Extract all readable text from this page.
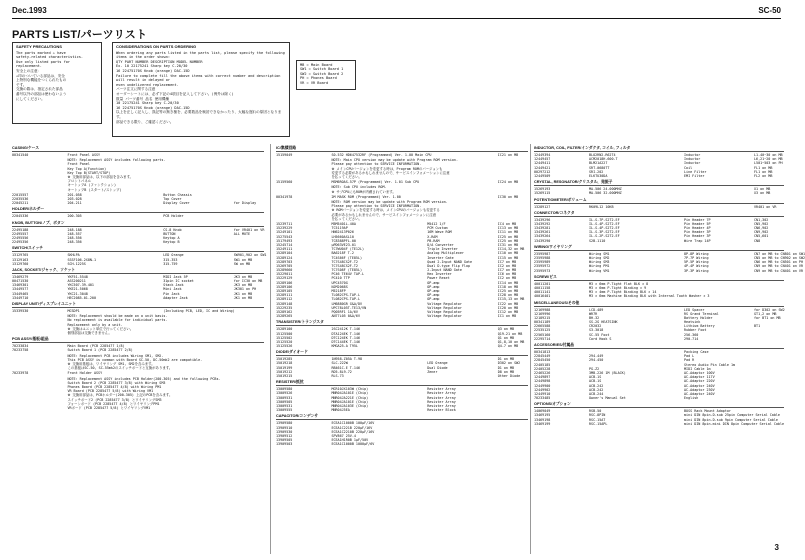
Dec.1993	SC-50
PARTS LIST/パーツリスト
SAFETY PRECAUTIONS
The parts marked ⚠ have
safety-related characteristics.
Use only listed parts for
replacement.
安全上の注意：
⚠印のついている部品は、安全
上特別な機能をつくられたもの
です。
交換の際は、指定された部品
番号以外の部品は使わないよう
にしてください。
CONSIDERATIONS ON PARTS ORDERING
When ordering any parts listed in the parts list, please specify the following items in the order shown:
QTY PART NUMBER DESCRIPTION MODEL NUMBER
Ex. 10 22175241 Sharp key C-20/30
16 22475170S Knob (orange) DAC-15D
Failure to complete fill the above items with correct number and description will result in delayed or
even undelivered replacement.
パーツ注文に関する注意
オーダーシートには、必ず下記の4項目を記入して下さい。(例外は除く)
数量 パーツ番号 品名 使用機種
10 22175241 Sharp key C-20/30
16 22475170S Knob (orange) DAC-15D
以上を正しく記入し、誤記等の無き様を、必要数品を検討できなかったり、大幅な遅れの原因となります。
部品できる限り、ご確認ください。
MB = Main Board
SW1 = Switch Board 1
SW2 = Switch Board 2
PH = Phones Board
VR = VR Board
CASING/ケース
00341540	Front Panel ASSY
NOTE: Replacement ASSY includes following parts.
Front Panel
Key Top A(Function)
Key Top B(START/STOP)
※ 交換用部品は、以下の部品を含みます。
フロントパネル
キートップA (ファンクション)
キートップB (スタート/ストップ)
22015557	201-058	Button Chassis
22035536	203-028	Top Cover
22045211	204-211	Display Cover	for Display
HOLDER/ホルダー
22045336	200-305	PCB Holder
KNOB, BUTTON/ノブ、ボタン
22495188	248-188	CS-8 Knob	for VR401 on VR
22495557	248-557	BUTTON	ALL MUTE
22495556	248-556	Keytop A
22495356	248-356	Keytop B
SWITCH/スイッチ
13129765	SKHLPA	LED Orange	SW901,902 on SW1
13129163	SSSF106-2X8N-1	315-353	SW1 on MB
13129760	SCH-1225S	315-759	SW on MB
JACK, SOCKET/ジャック、ソケット
13469279	YKF51-5548	MIDI Jack 5P	JK3 on MB
00471530	ASS200211	31pin IC socket	for IC30 on MB
13469301	YKC507-39-401	Stack Jack	JK3 on MB
13449577	YKE21-5068	Mini Jack	JK301 on PH
13449465	YKC21-3048	Pin Jack	JK1 on MB
13449710	HEC2085-01-200	Adapter Jack	JK1 on MB
DISPLAY UNIT/ディスプレイユニット
15339530	MCSDP1	(Including PCB, LED, IC and Wiring)
NOTE: Replacement should be made on a unit basis.
No replacement is available for individual parts.
Replacement only by a unit.
※ 交換はユニット単位で行ってください。
個別部品は交換できません。
PCB ASSY/基板/組品
70233834	Main Board (PCB 2285477 1/8)
70233758	Switch Board 1 (PCB 2285477 2/8)
NOTE: Replacement PCB includes Wiring SM1, SM2.
This PCB ASSY is common with Board SC-50, DC-50mk2 are compatible.
※ 交換用基板は、ワイヤリング SM1, SM2を含みます。
この基板はSC-50, SC-55mk2のスイッチボードと互換があります。
70233978	Front Holder ASSY
NOTE: Replacement ASSY includes PCB Holder(200-305) and the following PCBs.
Switch Board 2 (PCB 2285477 3/8) with Wiring SM3
Phones Board (PCB 2285477 4/8) with Wiring PM1
VR Board (PCB 2285477 5/8) with Wiring VM1
※ 交換用部品は、PCBホルダー(200-305) 上記のPCBを含みます。
スイッチボード2 (PCB 2285477 3/8) とワイヤリングSM3
フォーンボード (PCB 2285477 4/8) とワイヤリングPM1
VRボード (PCB 2285477 5/8) とワイヤリングVM1
IC/集積回路
15159049	S0.532 HD647532RF (Programmed) Ver. 1.00 Main CPU	IC21 on MB
NOTE: Main CPU version may be update with Program ROM version.
Please pay attention to SERVICE INFORMATION.
※ メインCPUバージョンを変更する時は、Program ROMのバージョンも
変更する必要があるかもしれませんので、サービスインフォメーションに注意
を払ってください。
15159560	MSM6ROAS-57P (Programmed) Ver. 1.01 Sub CPU	IC24 on MB
NOTE: Sub CPU includes ROM.
※ サブCPUにもROMが内蔵されています。
00341978	2M MASK ROM (Programmed) Ver. 1.00	IC30 on MB
NOTE: ROM version may be update with Program ROM version.
Please pay attention to SERVICE INFORMATION.
※ ROMバージョンを変更する時は、メインCPUのバージョンも変更する
必要があるかもしれませんので、サービスインフォメーションに注意
を払ってください。
15239711	M5M5401L-40A	M5412 1/F	IC4 on MB
15239229	TC5119AP	PCM Custom	IC13 on MB
15249101	HN62413P026	16M Wave ROM	IC11 on MB
15275543	LH5660ASL10	X-RAM	IC25 on MB
15179493	TC8388PFL-00	PB-RAM	IC25 on MB
15245714	µPD63VE23-01	D/A Converter	IC31 on MB
15249111	TC7WU04F (TE12L)	Triple Inverter	IC14,32 on MB
15289104	BA6218F T-2	Analog Multiplexer	IC10 on MB
15289124	TC4S66F (TE85L)	Inverter Gate	IC15 on MB
15289703	TC7S48CS2F-T2	Quad 2-Input NAND Gate	IC7 on MB
15269705	TC7S48CS2F-T2	Dual D-type Flip Flop	IC2 on MB
15289660	TC7S08F (TE85L)	2-Input NAND Gate	IC7 on MB
15229011	PC46 TE64V TAP-L	Hex Inverter	IC6 on MB
15229129	PC410 TTP	Power Reset	IC2 on MB
15289106	UPC4570G	OP-amp	IC14 on MB
15289106	NJM2068S	OP-amp	IC18 on MB
15289105	M5218FP	OP-amp	IC25 on MB
15289111	TL082CPS-TAP-L	OP-amp	IC28 on MB
15289112	TL082CPS-TAP-L	OP-amp	IC15,13 on MB
15289148	LM6880GR G&A/DV	Voltage Regulator	IC22 on MB
15229235	UPC78L05T-TE13/VN	Voltage Regulator	IC20 on MB
15289162	PQ05RF1 1A/6V	Voltage Regulator	IC12 on MB
15289265	AN77L05 0&A/6V	Voltage Regulator	IC1 on MB
TRANSISTER/トランジスタ
15289100	2SC2412K T-146	Q3 on MB
15125500	DTA124EK T-146	Q19-21 on MB
15125502	DTC124EK T-146	Q1 on MB
15125520	DTC144EK T-146	Q1,8,10 on MB
15125526	KMGA25-A T95L	Q4-7 on MB
DIODE/ダイオード
15019285	1N958-Z05A T-98	D1 on MB
15019218	SLC-222W	LED Orange	D302 on SW2
15019199	RB461C-E T-146	Dual Diode	D1 on MB
15019212	RD5.8L9-72	Zener	D8 on MB
15019215	RLS-73	Other Diode
RESISTER/抵抗
13009580	MCR10JX103W (Chip)	Resister Array
13009526	MNR04JA101E (Chip)	Resister Array
13009531	MNR04JA221E (Chip)	Resister Array
13009505	MNR04JA101E (Chip)	Resister Array
13009531	MNR04JA103E (Chip)	Resister Array
13009555	MNR04J5EA	Resister Block
CAPACITOR/コンデンサ
13909580	ECEA1C1000B 100µF/16V
13909510	ECEA1C221B 220µF/16V
13909530	ECEA1C2210B 220µF/16V
13909512	SPV867 25V-4
13909505	ECEA1H1R0B 1µF/50V
13909503	ECEA1C1000B 1000µF/6V
INDUCTOR, COIL, FILTER/インダクタ, コイル, フィルタ
12449394	BLO2RN2-R62T4	Inductor	L1-40~30 on MB
12449457	ACM2018H-600-T	Inductor	L6,21~20 on MB
12449411	BLM21A227	Inductor	L501~503 on PH
12449421	SRT-0680TT	Coil	FL1 on MB
00297212	SRI-202	Line Filter	FL1 on MB
12449509	ELKTU30DA	EMI Filter	FL2 on MB
CRYSTAL, RESONATOR/クリスタル、発振子
15269193	MA-506 24.000MHZ	X1 on MB
15269115	MA-506 32.000MHZ	X3 on MB
POTENTIOMETER/ボリューム
13289127	RK09L12 10KB	VR401 on VR
CONNECTOR/コネクタ
13439296	IL-S-7P-S2T2-EF	Pin Header 7P	CN1,302
13439292	IL-S-4P-S2T2-EF	Pin Header 5P	CN5,902
13439281	IL-S-4P-S2T2-EF	Pin Header 4P	CN6,902
13439261	IL-S-3P-S2T2-EF	Pin Header 3P	CN9,902
13439264	IL-S-2P-S2T2-EF	Pin Header 3P	CN5,601
13439290	S2B-1110	Wire Trap 14P	CN8
WIRING/ワイヤリング
23595987	Wiring SM1	8P-8P Wiring	CN7 on MB to CN801 on SW1
23595988	Wiring SM2	7P-7P Wiring	CN5 on MB to CN902 on SW2
23595989	Wiring SM3	5P-5P Wiring	CN6 on MB to CN501 on PH
23595972	Wiring PM1	4P-4P Wiring	CN9 on MB to CN401 on VR
23595973	Wiring VM1	3P-3P Wiring	CN9 on MB to CN401 on VR
SCREW/ビス
40011201	M3 × 6mm P-Tight Flat BLK × 8
40011158	M3 × 6mm P-Tight Binding × 9
40011141	M3 × 4mm P-Tight Binding BLK × 14
40016401	M3 × 6mm Machine Binding BLK with Internal Tooth Washer × 3
MISCELLANEOUS/その他
12169988	LCD-489	LED Spacer	for D302 on SW2
12169996	WR7R	RS Grand Terminal	GT1,2 on MB
12189215	BH-32	Battery Holder	for BT1 on MB
00341189	SS-2G HEATSINK	Heatsink
22665588	CR2032	Lithium Battery	BT1
22535125	S3-3018	Rubber Foot
22565160	SC-55 Foot	256-360
22295714	Cord Hook S	290-714
ACCESSORIES/付属品
00341813	Packing Case
22845449	294-449	Pad L
22845450	294-450	Pad R
22405185	Stereo Audio Pin Cable 1m
22405228	PG-Z2	MIDI Cable 1m
22465226	3MB-226 1M (BLACK)	AC-Adaptor 100V
12449897	ACB-1S	AC-Adaptor 117V
12449898	ACB-1S	AC-Adaptor 220V
12449900	ACB-242	AC-Adaptor 240V
12449902	ACB-242	AC-Adaptor 230V
12449910	ACB-244	AC-Adaptor 240V
70233485	Owner's Manual Set	English
OPTIONS/オプション
14069049	RSB-50	BOSS Rack Mount Adaptor
13469195	RSC-8PIN	mini DIN 8pin-D-sub 25pin Computer Serial Cable
13469198	RSC-15AT	mini DIN 8pin-D-sub 9pin Computer Serial Cable
13469199	RSC-15APL	mini DIN 8pin-mini DIN 8pin Computer Serial Cable
3
